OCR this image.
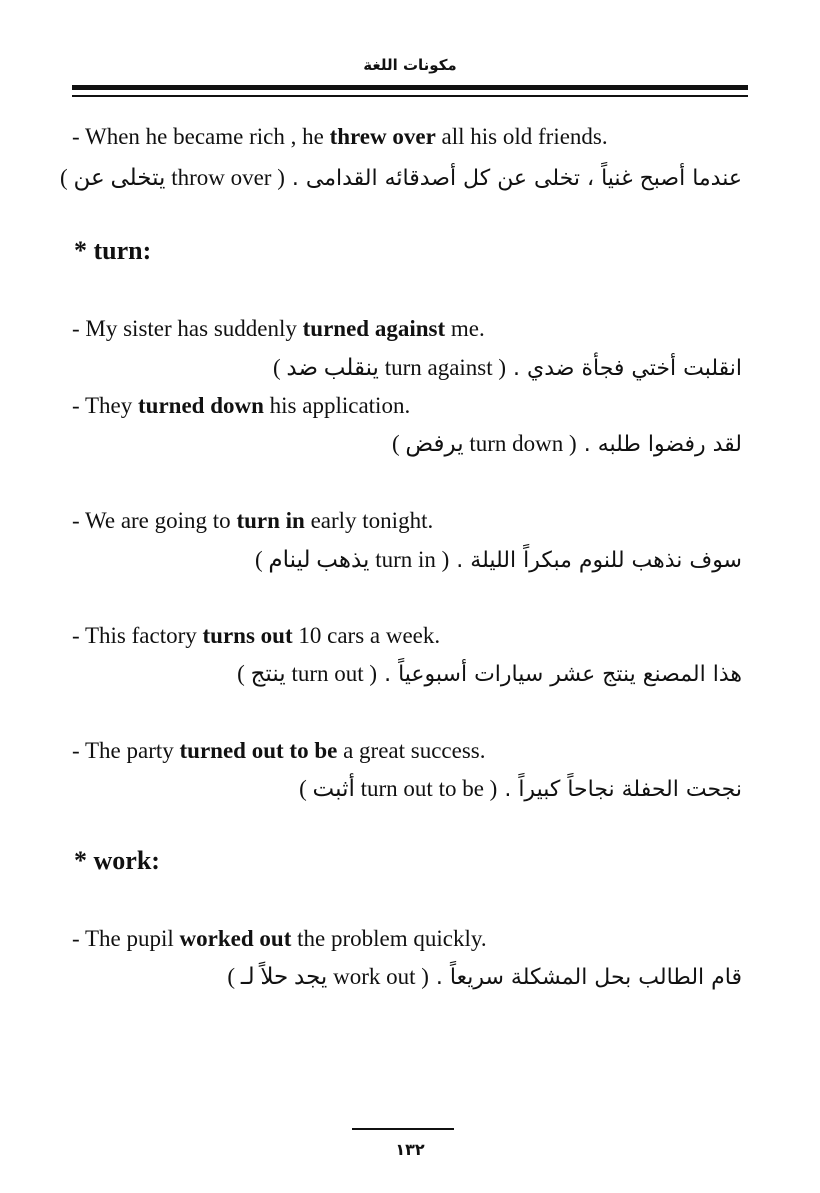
مكونات اللغة
- When he became rich , he threw over all his old friends.
عندما أصبح غنياً ، تخلى عن كل أصدقائه القدامى . ( throw over يتخلى عن )
* turn:
- My sister has suddenly turned against me.
انقلبت أختي فجأة ضدي . ( turn against ينقلب ضد )
- They turned down his application.
لقد رفضوا طلبه . ( turn down يرفض )
- We are going to turn in early tonight.
سوف نذهب للنوم مبكراً الليلة . ( turn in يذهب لينام )
- This factory turns out 10 cars a week.
هذا المصنع ينتج عشر سيارات أسبوعياً . ( turn out ينتج )
- The party turned out to be a great success.
نجحت الحفلة نجاحاً كبيراً . ( turn out to be أثبت )
* work:
- The pupil worked out the problem quickly.
قام الطالب بحل المشكلة سريعاً . ( work out يجد حلاً لـ )
١٣٢
